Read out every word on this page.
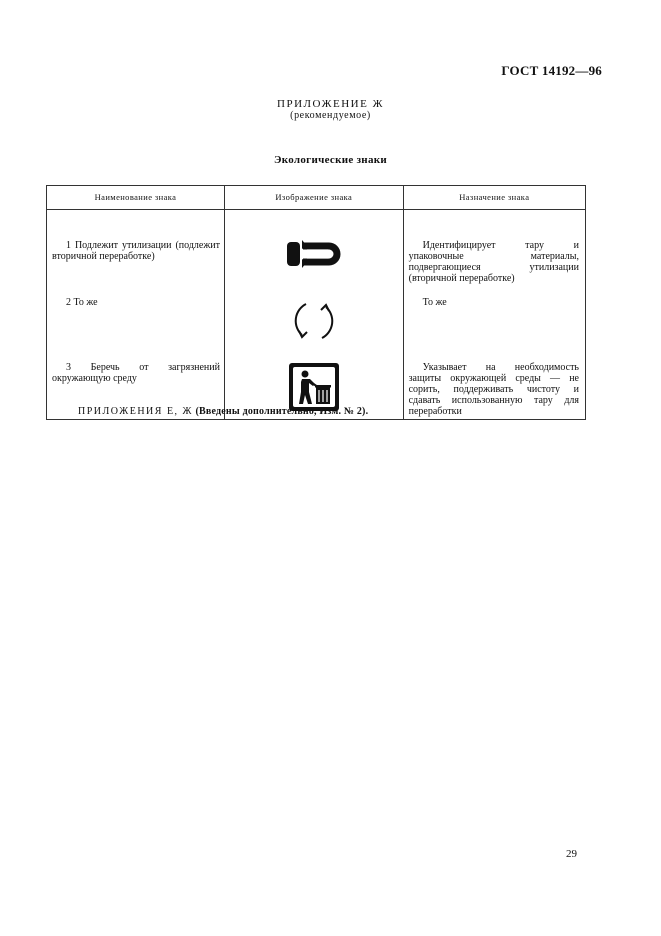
ГОСТ 14192—96
ПРИЛОЖЕНИЕ Ж
(рекомендуемое)
Экологические знаки
Наименование знака	Изображение знака	Назначение знака
1 Подлежит утилизации (подлежит вторичной переработке)		Идентифицирует тару и упаковочные материалы, подвергающиеся утилизации (вторичной переработке)
2 То же		То же
3 Беречь от загрязнений окружающую среду		Указывает на необходимость защиты окружающей среды — не сорить, поддерживать чистоту и сдавать использованную тару для переработки
ПРИЛОЖЕНИЯ Е, Ж (Введены дополнительно, Изм. № 2).
29
